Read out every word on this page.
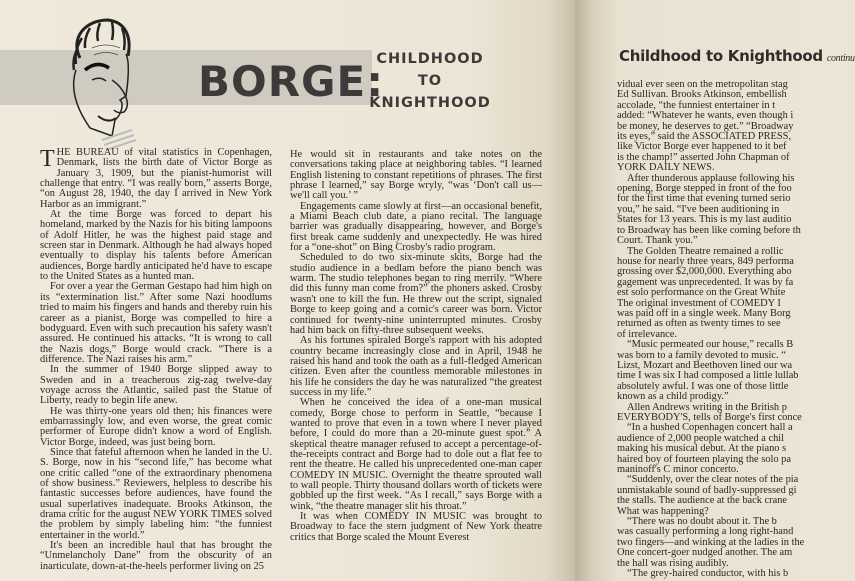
BORGE:
CHILDHOOD
TO
KNIGHTHOOD

THE BUREAU of vital statistics in Copenhagen, Denmark, lists the birth date of Victor Borge as January 3, 1909, but the pianist-humorist will challenge that entry. “I was really born,” asserts Borge, “on August 28, 1940, the day I arrived in New York Harbor as an immigrant.”

At the time Borge was forced to depart his homeland, marked by the Nazis for his biting lampoons of Adolf Hitler, he was the highest paid stage and screen star in Denmark. Although he had always hoped eventually to display his talents before American audiences, Borge hardly anticipated he'd have to escape to the United States as a hunted man.

For over a year the German Gestapo had him high on its “extermination list.” After some Nazi hoodlums tried to maim his fingers and hands and thereby ruin his career as a pianist, Borge was compelled to hire a bodyguard. Even with such precaution his safety wasn't assured. He continued his attacks. “It is wrong to call the Nazis dogs,” Borge would crack. “There is a difference. The Nazi raises his arm.”

In the summer of 1940 Borge slipped away to Sweden and in a treacherous zig-zag twelve-day voyage across the Atlantic, sailed past the Statue of Liberty, ready to begin life anew.

He was thirty-one years old then; his finances were embarrassingly low, and even worse, the great comic performer of Europe didn't know a word of English. Victor Borge, indeed, was just being born.

Since that fateful afternoon when he landed in the U. S. Borge, now in his “second life,” has become what one critic called “one of the extraordinary phenomena of show business.” Reviewers, helpless to describe his fantastic successes before audiences, have found the usual superlatives inadequate. Brooks Atkinson, the drama critic for the august NEW YORK TIMES solved the problem by simply labeling him: “the funniest entertainer in the world.”

It's been an incredible haul that has brought the “Unmelancholy Dane” from the obscurity of an inarticulate, down-at-the-heels performer living on 25

He would sit in restaurants and take notes on the conversations taking place at neighboring tables. “I learned English listening to constant repetitions of phrases. The first phrase I learned,” say Borge wryly, “was ‘Don't call us—we'll call you.’ ”

Engagements came slowly at first—an occasional benefit, a Miami Beach club date, a piano recital. The language barrier was gradually disappearing, however, and Borge's first break came suddenly and unexpectedly. He was hired for a “one-shot” on Bing Crosby's radio program.

Scheduled to do two six-minute skits, Borge had the studio audience in a bedlam before the piano bench was warm. The studio telephones began to ring merrily. “Where did this funny man come from?” the phoners asked. Crosby wasn't one to kill the fun. He threw out the script, signaled Borge to keep going and a comic's career was born. Victor continued for twenty-nine uninterrupted minutes. Crosby had him back on fifty-three subsequent weeks.

As his fortunes spiraled Borge's rapport with his adopted country became increasingly close and in April, 1948 he raised his hand and took the oath as a full-fledged American citizen. Even after the countless memorable milestones in his life he considers the day he was naturalized “the greatest success in my life.”

When he conceived the idea of a one-man musical comedy, Borge chose to perform in Seattle, “because I wanted to prove that even in a town where I never played before, I could do more than a 20-minute guest spot.” A skeptical theatre manager refused to accept a percentage-of-the-receipts contract and Borge had to dole out a flat fee to rent the theatre. He called his unprecedented one-man caper COMEDY IN MUSIC. Overnight the theatre sprouted wall to wall people. Thirty thousand dollars worth of tickets were gobbled up the first week. “As I recall,” says Borge with a wink, “the theatre manager slit his throat.”

It was when COMEDY IN MUSIC was brought to Broadway to face the stern judgment of New York theatre critics that Borge scaled the Mount Everest

Childhood to Knighthood continu
vidual ever seen on the metropolitan stag
Ed Sullivan. Brooks Atkinson, embellish
accolade, “the funniest entertainer in t
added: “Whatever he wants, even though i
be money, he deserves to get.” “Broadway
its eyes,” said the ASSOCIATED PRESS,
like Victor Borge ever happened to it bef
is the champ!” asserted John Chapman of
YORK DAILY NEWS.
After thunderous applause following his
opening, Borge stepped in front of the foo
for the first time that evening turned serio
you,” he said. “I've been auditioning in
States for 13 years. This is my last auditio
to Broadway has been like coming before th
Court. Thank you.”
The Golden Theatre remained a rollic
house for nearly three years, 849 performa
grossing over $2,000,000. Everything abo
gagement was unprecedented. It was by fa
est solo performance on the Great White
The original investment of COMEDY I
was paid off in a single week. Many Borg
returned as often as twenty times to see
of irrelevance.
“Music permeated our house,” recalls B
was born to a family devoted to music. “
Lizst, Mozart and Beethoven lined our wa
time I was six I had composed a little lullab
absolutely awful. I was one of those little
known as a child prodigy.”
Allen Andrews writing in the British p
EVERYBODY'S, tells of Borge's first conce
“In a hushed Copenhagen concert hall a
audience of 2,000 people watched a chil
making his musical debut. At the piano s
haired boy of fourteen playing the solo pa
maninoff's C minor concerto.
“Suddenly, over the clear notes of the pia
unmistakable sound of badly-suppressed gi
the stalls. The audience at the back crane
What was happening?
“There was no doubt about it. The b
was casually performing a long right-hand
two fingers—and winking at the ladies in the
One concert-goer nudged another. The am
the hall was rising audibly.
“The grey-haired conductor, with his b
